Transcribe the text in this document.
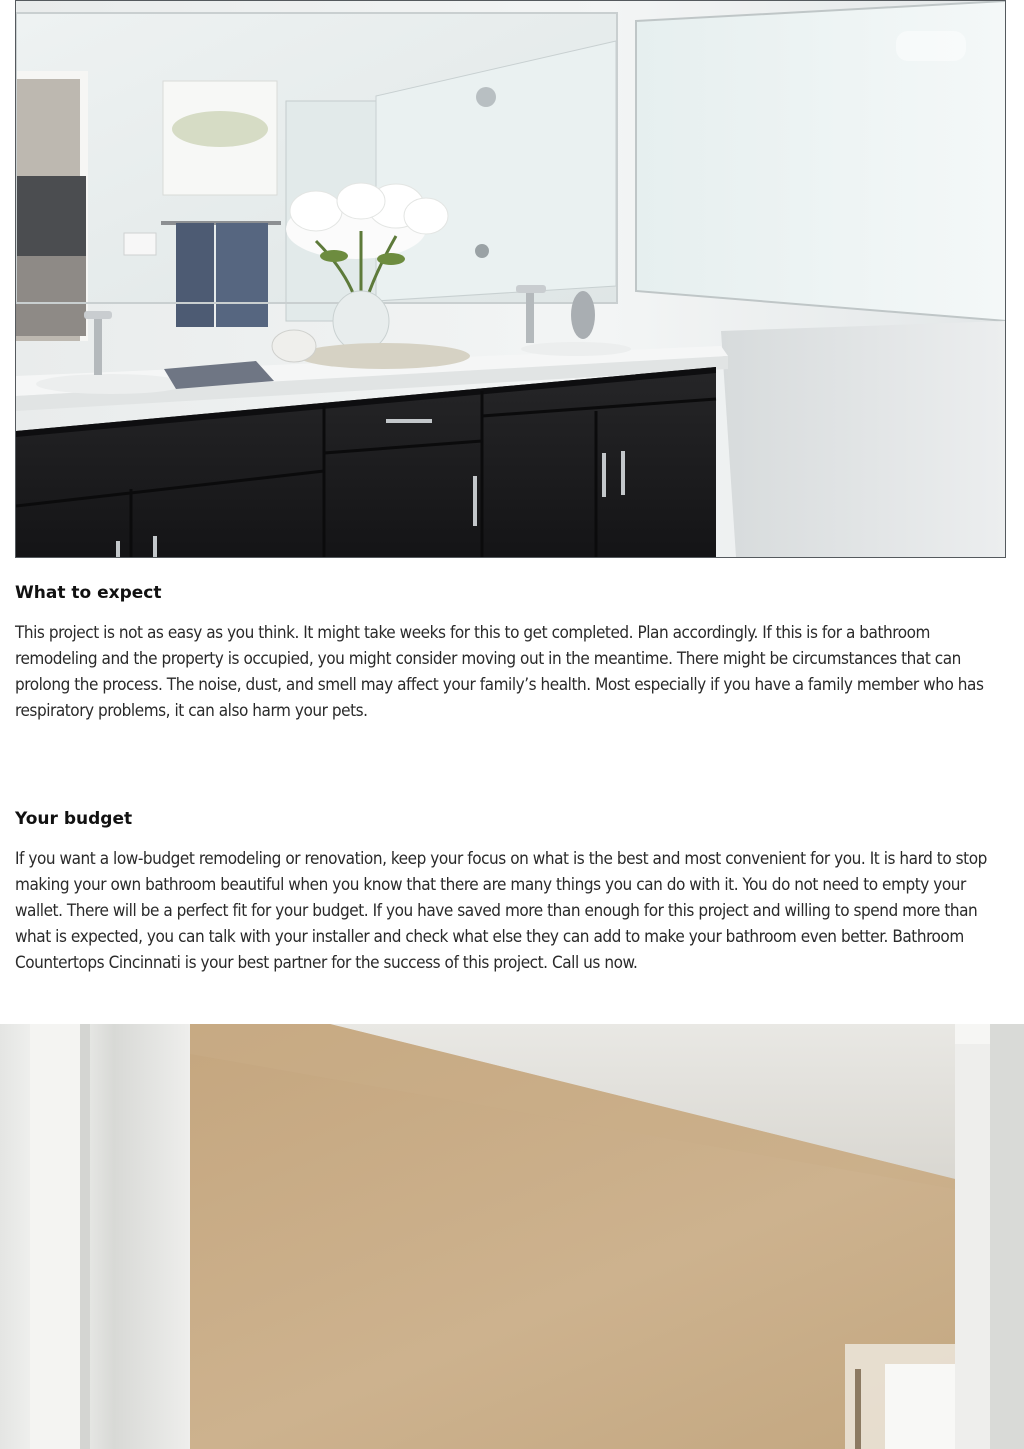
What to expect

This project is not as easy as you think. It might take weeks for this to get completed. Plan accordingly. If this is for a bathroom remodeling and the property is occupied, you might consider moving out in the meantime. There might be circumstances that can prolong the process. The noise, dust, and smell may affect your family’s health. Most especially if you have a family member who has respiratory problems, it can also harm your pets.

Your budget

If you want a low-budget remodeling or renovation, keep your focus on what is the best and most convenient for you. It is hard to stop making your own bathroom beautiful when you know that there are many things you can do with it. You do not need to empty your wallet. There will be a perfect fit for your budget. If you have saved more than enough for this project and willing to spend more than what is expected, you can talk with your installer and check what else they can add to make your bathroom even better. Bathroom Countertops Cincinnati is your best partner for the success of this project. Call us now.
